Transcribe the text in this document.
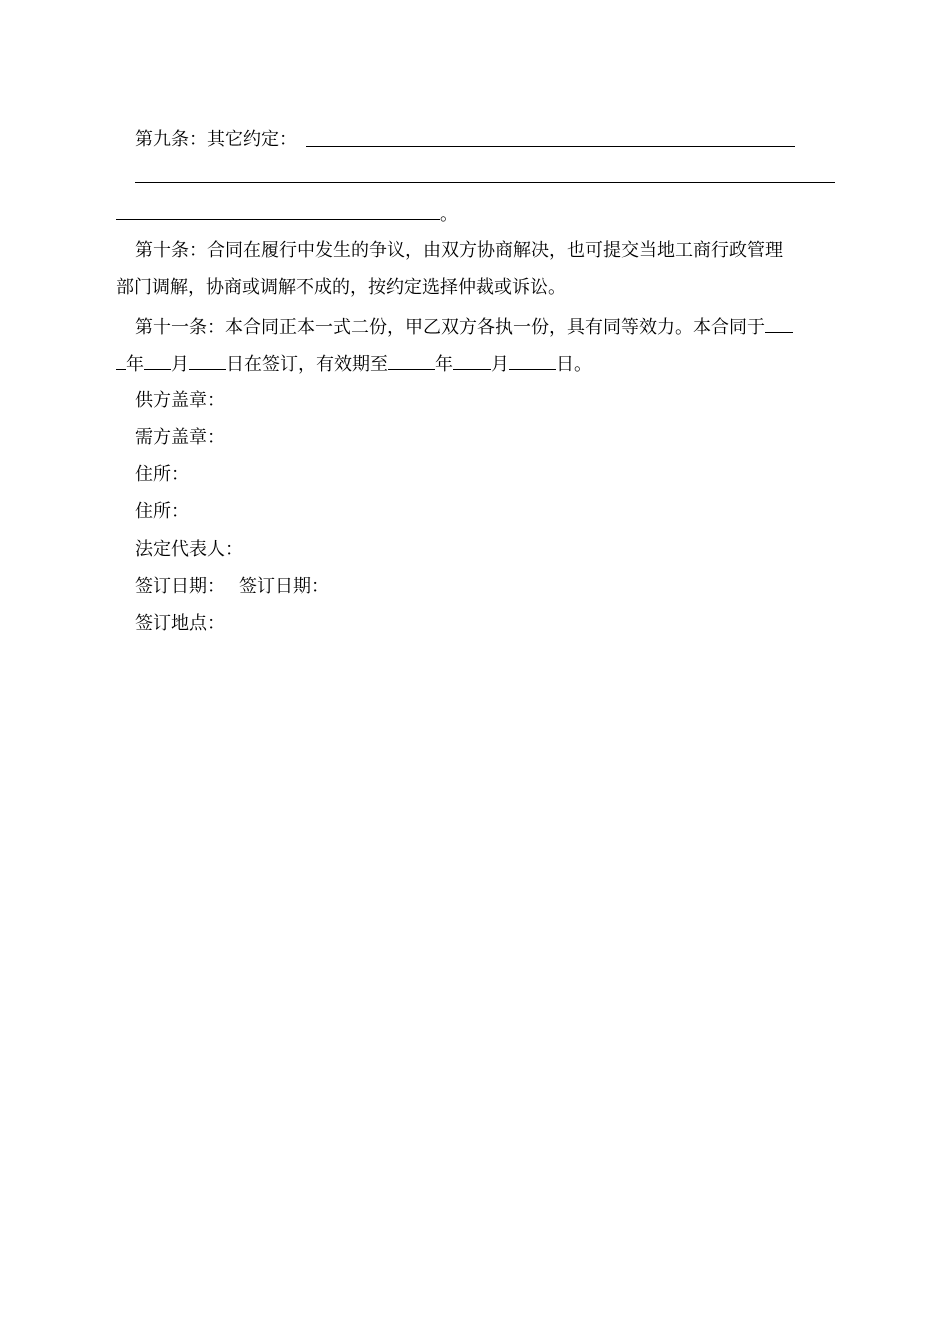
第九条：其它约定：
。
第十条：合同在履行中发生的争议，由双方协商解决，也可提交当地工商行政管理
部门调解，协商或调解不成的，按约定选择仲裁或诉讼。
第十一条：本合同正本一式二份，甲乙双方各执一份，具有同等效力。本合同于
年 月 日在签订，有效期至	年 月	日。
供方盖章：
需方盖章：
住所：
住所：
法定代表人：
签订日期： 签订日期：
签订地点：
